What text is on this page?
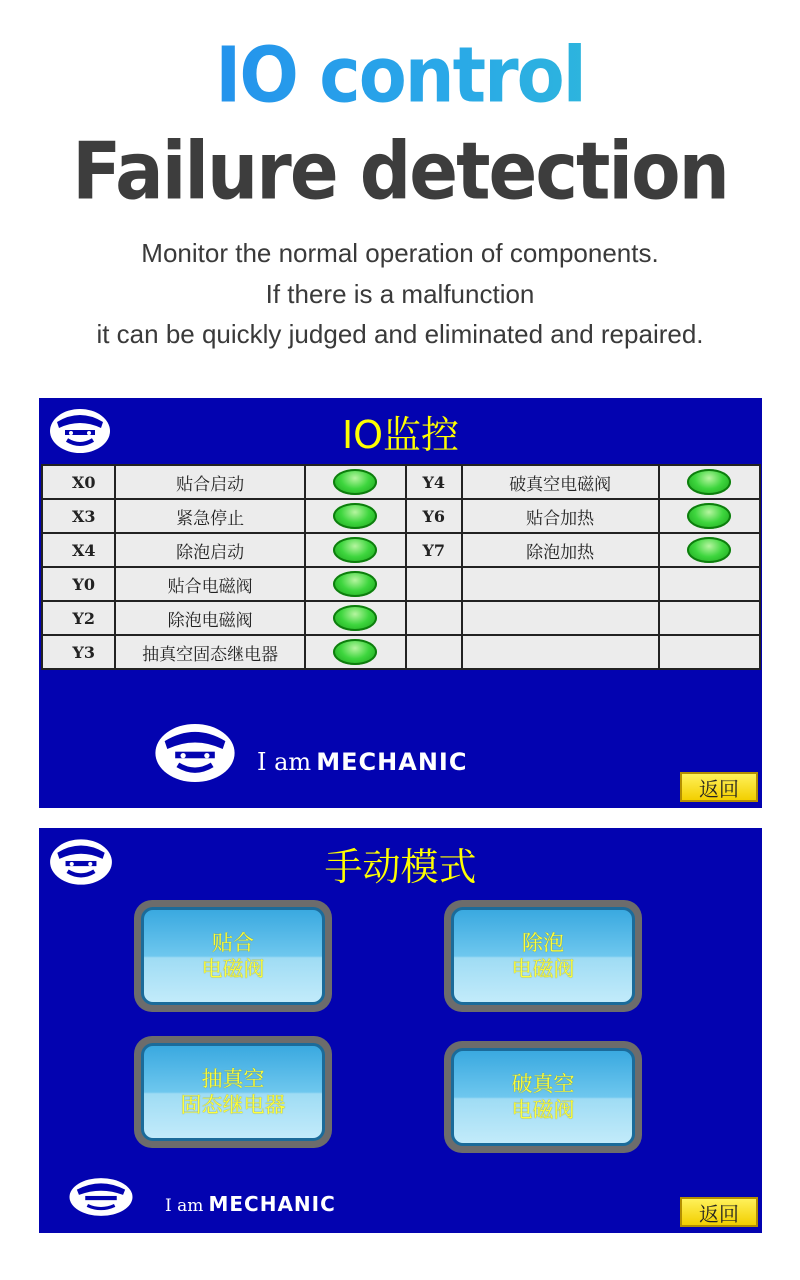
IO control
Failure detection
Monitor the normal operation of components.
If there is a malfunction
it can be quickly judged and eliminated and repaired.
IO监控
X0	贴合启动		Y4	破真空电磁阀	
X3	紧急停止		Y6	贴合加热	
X4	除泡启动		Y7	除泡加热	
Y0	贴合电磁阀				
Y2	除泡电磁阀				
Y3	抽真空固态继电器				
I am MECHANIC
返回
手动模式
贴合
电磁阀
除泡
电磁阀
抽真空
固态继电器
破真空
电磁阀
I am MECHANIC	返回
